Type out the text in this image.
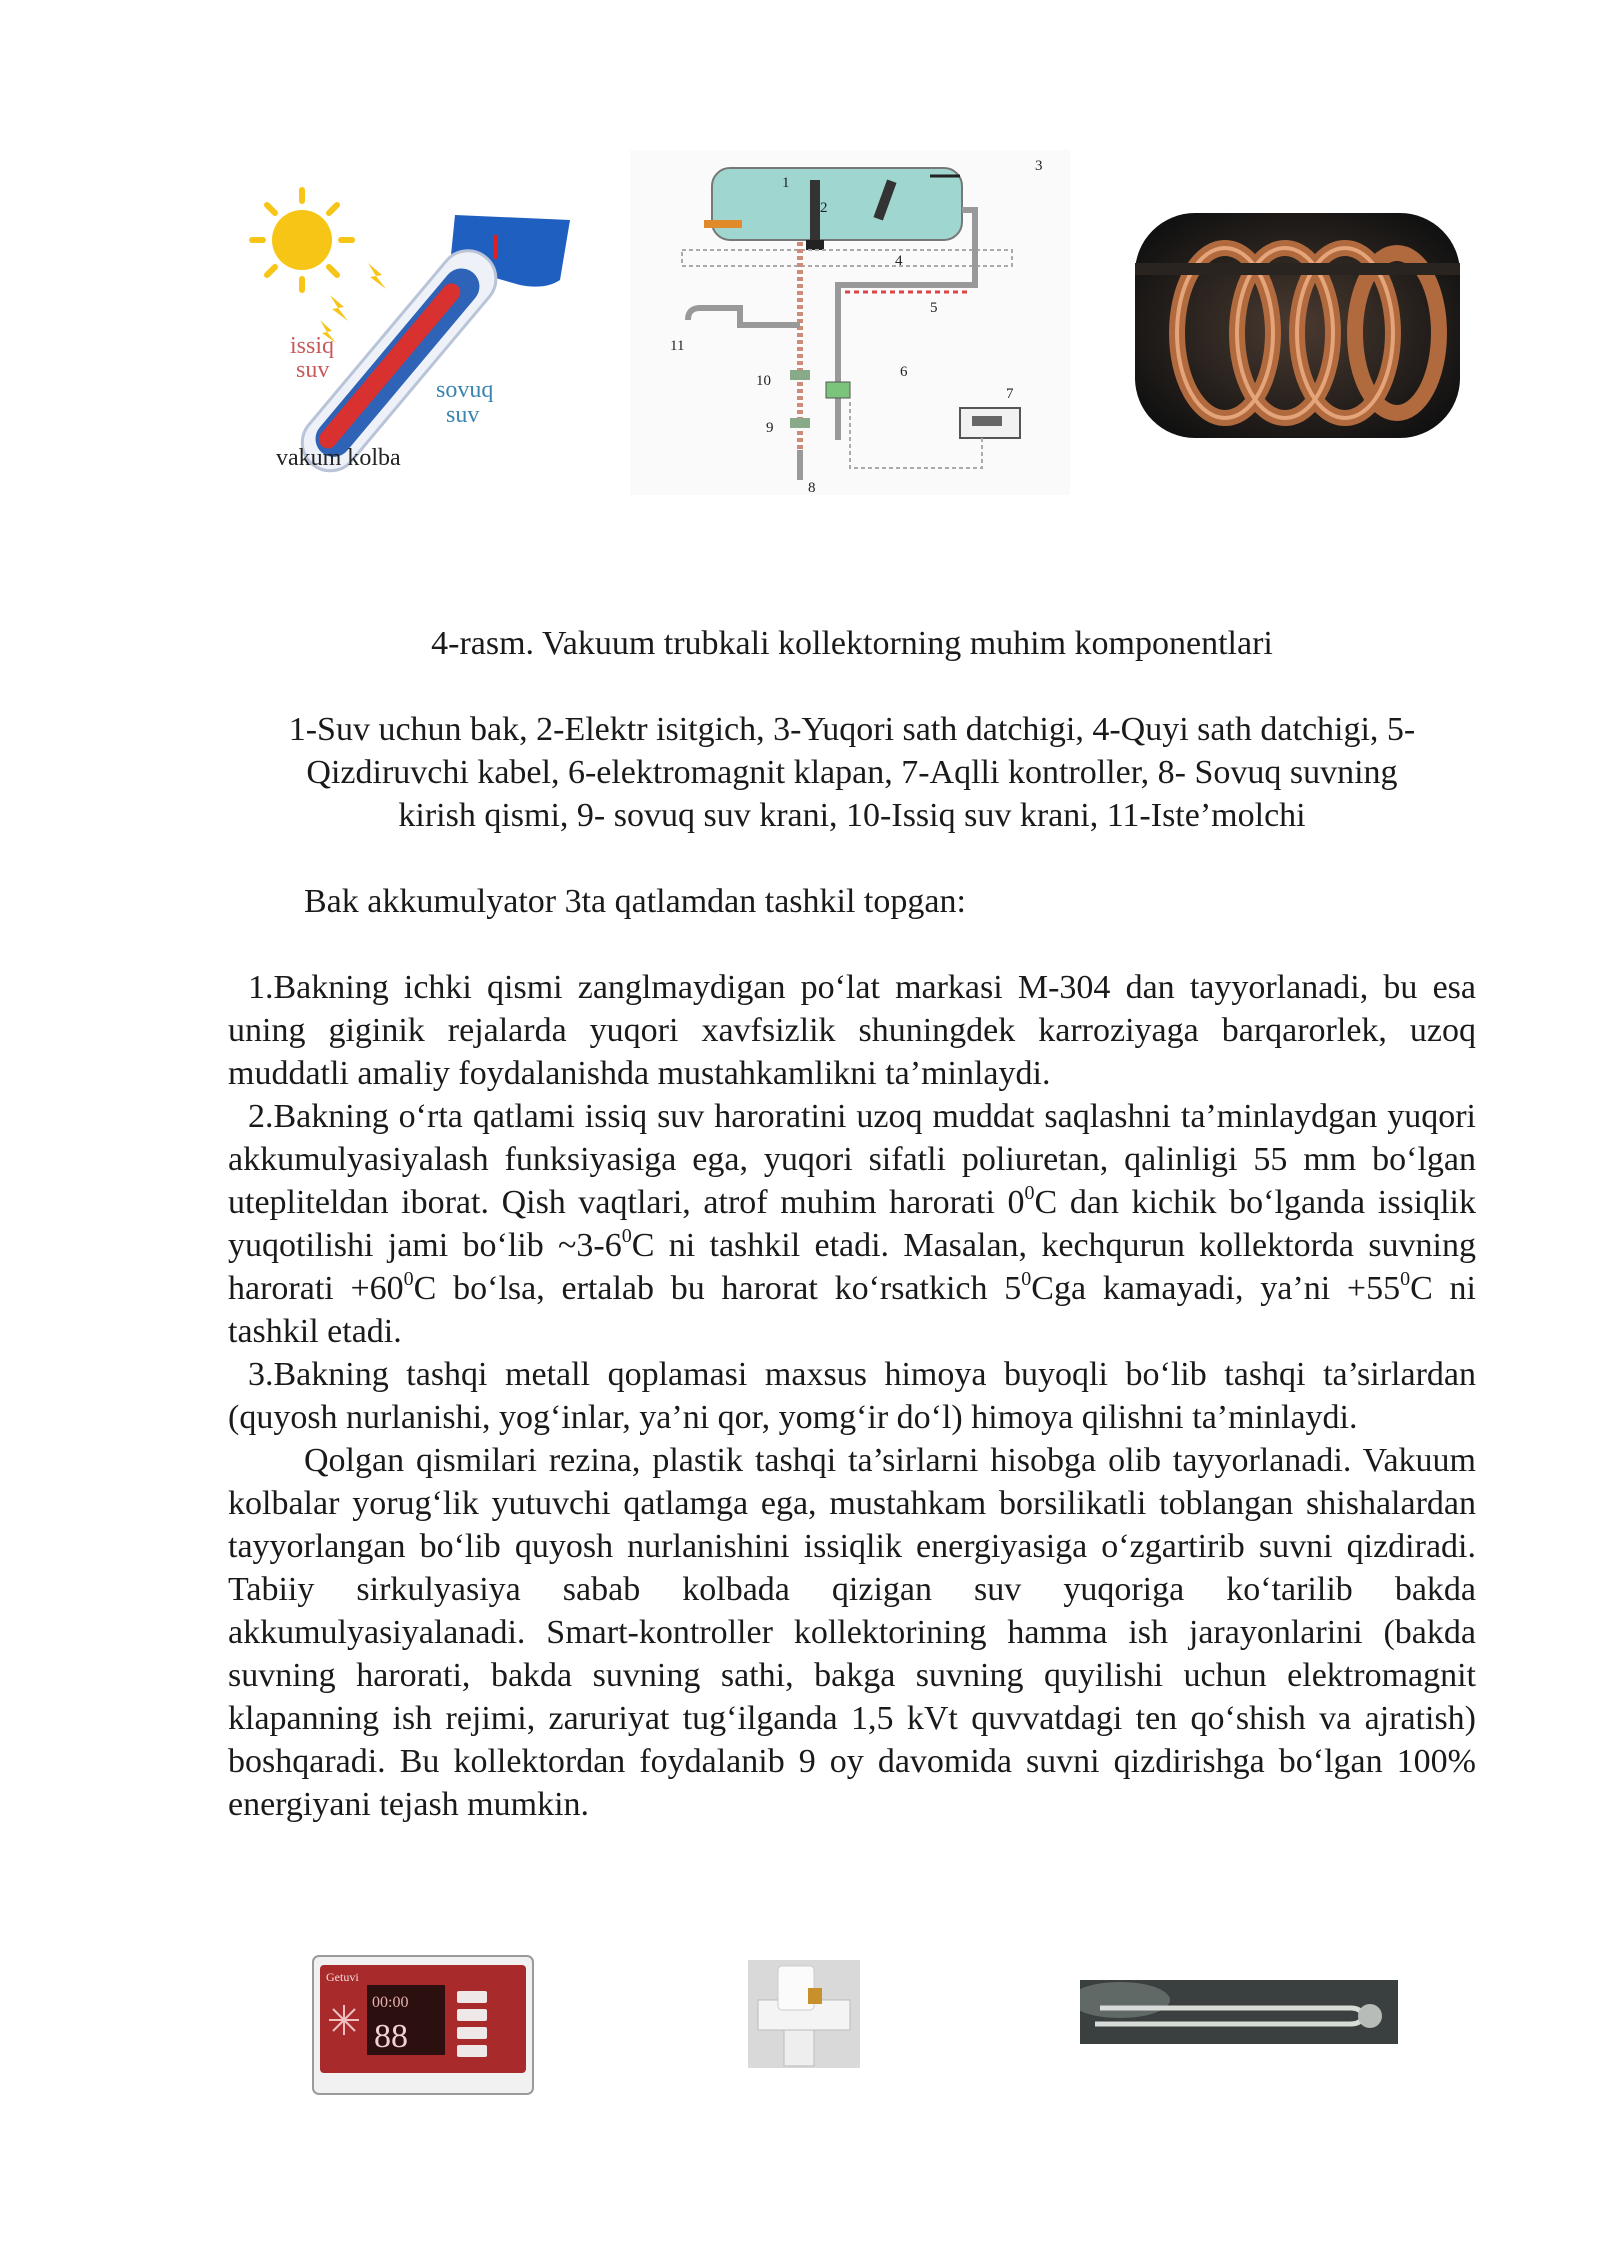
issiq
suv
sovuq
suv
vakum kolba
1
2
3
4
5
6
7
8
9
10
11
4-rasm. Vakuum trubkali kollektorning muhim komponentlari
1-Suv uchun bak, 2-Elektr isitgich, 3-Yuqori sath datchigi, 4-Quyi sath datchigi, 5-
Qizdiruvchi kabel, 6-elektromagnit klapan, 7-Aqlli kontroller, 8- Sovuq suvning
kirish qismi, 9- sovuq suv krani, 10-Issiq suv krani, 11-Iste’molchi

Bak akkumulyator 3ta qatlamdan tashkil topgan:

1.Bakning ichki qismi zanglmaydigan po‘lat markasi M-304 dan tayyorlanadi, bu esa uning giginik rejalarda yuqori xavfsizlik shuningdek karroziyaga barqarorlek, uzoq muddatli amaliy foydalanishda mustahkamlikni ta’minlaydi.

2.Bakning o‘rta qatlami issiq suv haroratini uzoq muddat saqlashni ta’minlaydgan yuqori akkumulyasiyalash funksiyasiga ega, yuqori sifatli poliuretan, qalinligi 55 mm bo‘lgan utepliteldan iborat. Qish vaqtlari, atrof muhim harorati $0^0C$ dan kichik bo‘lganda issiqlik yuqotilishi jami bo‘lib $\sim 3-6^0C$ ni tashkil etadi. Masalan, kechqurun kollektorda suvning harorati $+60^0C$ bo‘lsa, ertalab bu harorat ko‘rsatkich $5^0Cga$ kamayadi, ya’ni $+55^0C$ ni tashkil etadi.

3.Bakning tashqi metall qoplamasi maxsus himoya buyoqli bo‘lib tashqi ta’sirlardan (quyosh nurlanishi, yog‘inlar, ya’ni qor, yomg‘ir do‘l) himoya qilishni ta’minlaydi.

Qolgan qismilari rezina, plastik tashqi ta’sirlarni hisobga olib tayyorlanadi. Vakuum kolbalar yorug‘lik yutuvchi qatlamga ega, mustahkam borsilikatli toblangan shishalardan tayyorlangan bo‘lib quyosh nurlanishini issiqlik energiyasiga o‘zgartirib suvni qizdiradi. Tabiiy sirkulyasiya sabab kolbada qizigan suv yuqoriga ko‘tarilib bakda akkumulyasiyalanadi. Smart-kontroller kollektorining hamma ish jarayonlarini (bakda suvning harorati, bakda suvning sathi, bakga suvning quyilishi uchun elektromagnit klapanning ish rejimi, zaruriyat tug‘ilganda 1,5 kVt quvvatdagi ten qo‘shish va ajratish) boshqaradi. Bu kollektordan foydalanib 9 oy davomida suvni qizdirishga bo‘lgan 100% energiyani tejash mumkin.

Getuvi
00:00
88
